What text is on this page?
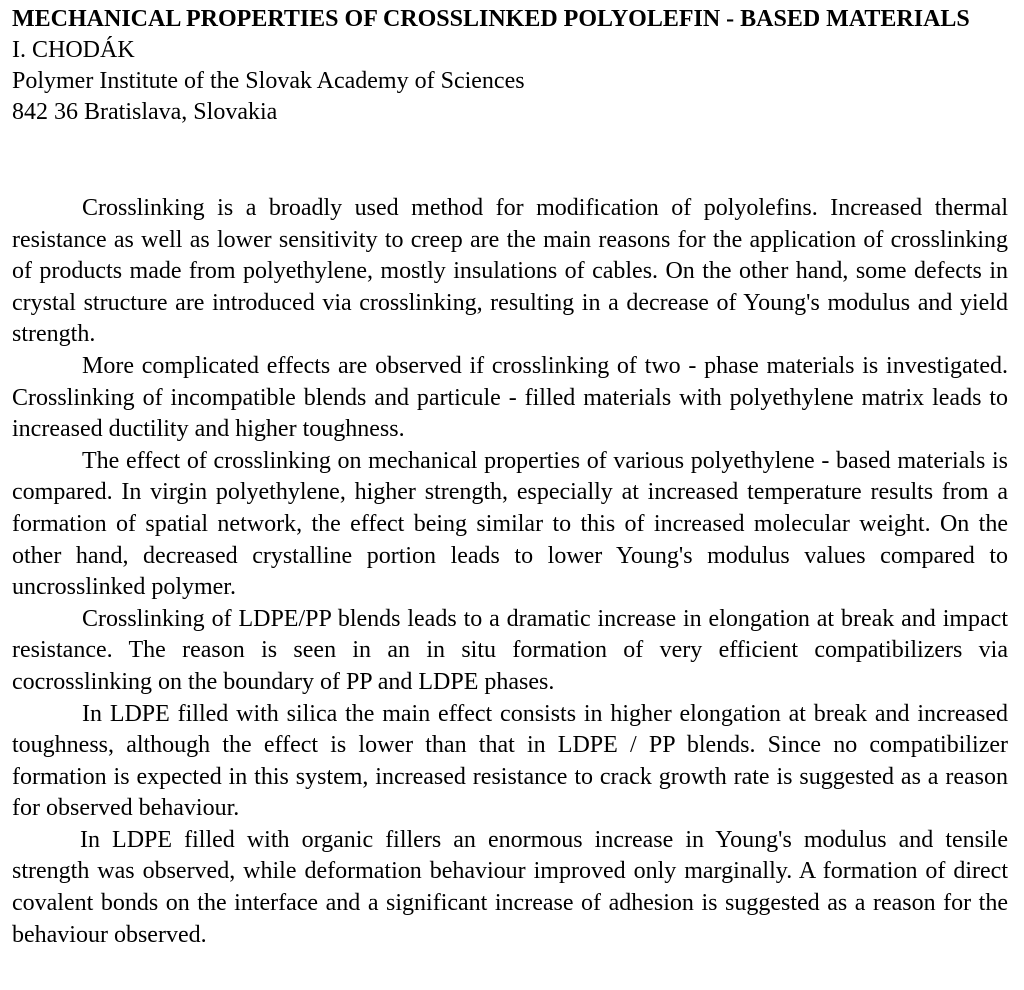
MECHANICAL PROPERTIES OF CROSSLINKED POLYOLEFIN - BASED MATERIALS

I. CHODÁK

Polymer Institute of the Slovak Academy of Sciences

842 36 Bratislava, Slovakia

Crosslinking is a broadly used method for modification of polyolefins. Increased thermal resistance as well as lower sensitivity to creep are the main reasons for the application of crosslinking of products made from polyethylene, mostly insulations of cables. On the other hand, some defects in crystal structure are introduced via crosslinking, resulting in a decrease of Young's modulus and yield strength.

More complicated effects are observed if crosslinking of two - phase materials is investigated. Crosslinking of incompatible blends and particule - filled materials with polyethylene matrix leads to increased ductility and higher toughness.

The effect of crosslinking on mechanical properties of various polyethylene - based materials is compared. In virgin polyethylene, higher strength, especially at increased temperature results from a formation of spatial network, the effect being similar to this of increased molecular weight. On the other hand, decreased crystalline portion leads to lower Young's modulus values compared to uncrosslinked polymer.

Crosslinking of LDPE/PP blends leads to a dramatic increase in elongation at break and impact resistance. The reason is seen in an in situ formation of very efficient compatibilizers via cocrosslinking on the boundary of PP and LDPE phases.

In LDPE filled with silica the main effect consists in higher elongation at break and increased toughness, although the effect is lower than that in LDPE / PP blends. Since no compatibilizer formation is expected in this system, increased resistance to crack growth rate is suggested as a reason for observed behaviour.

In LDPE filled with organic fillers an enormous increase in Young's modulus and tensile strength was observed, while deformation behaviour improved only marginally. A formation of direct covalent bonds on the interface and a significant increase of adhesion is suggested as a reason for the behaviour observed.
